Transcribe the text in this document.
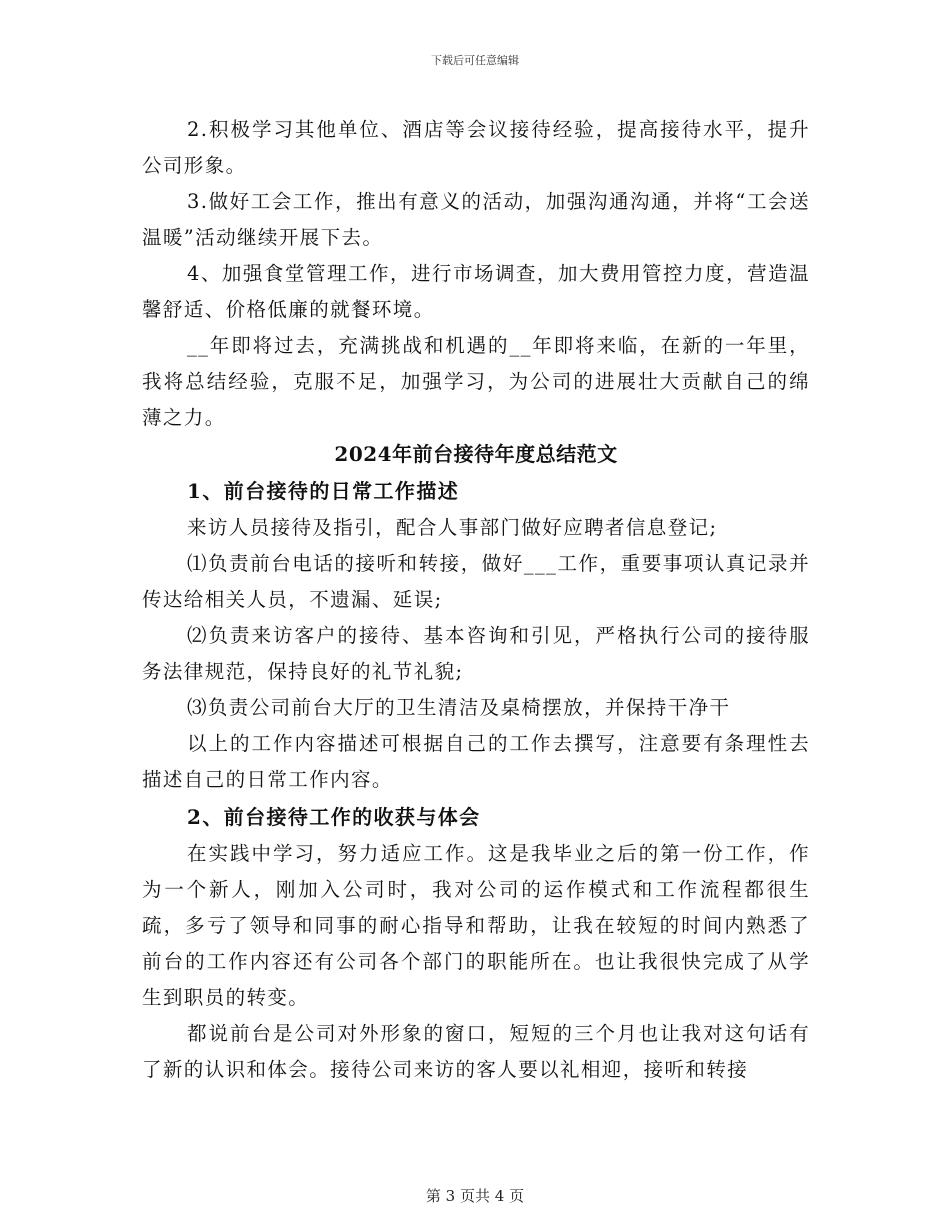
下载后可任意编辑

2.积极学习其他单位、酒店等会议接待经验，提高接待水平，提升公司形象。

3.做好工会工作，推出有意义的活动，加强沟通沟通，并将“工会送温暖”活动继续开展下去。

4、加强食堂管理工作，进行市场调查，加大费用管控力度，营造温馨舒适、价格低廉的就餐环境。

__年即将过去，充满挑战和机遇的__年即将来临，在新的一年里，我将总结经验，克服不足，加强学习，为公司的进展壮大贡献自己的绵薄之力。

2024年前台接待年度总结范文

1、前台接待的日常工作描述

来访人员接待及指引，配合人事部门做好应聘者信息登记;

⑴负责前台电话的接听和转接，做好___工作，重要事项认真记录并传达给相关人员，不遗漏、延误;

⑵负责来访客户的接待、基本咨询和引见，严格执行公司的接待服务法律规范，保持良好的礼节礼貌;

⑶负责公司前台大厅的卫生清洁及桌椅摆放，并保持干净干

以上的工作内容描述可根据自己的工作去撰写，注意要有条理性去描述自己的日常工作内容。

2、前台接待工作的收获与体会

在实践中学习，努力适应工作。这是我毕业之后的第一份工作，作为一个新人，刚加入公司时，我对公司的运作模式和工作流程都很生疏，多亏了领导和同事的耐心指导和帮助，让我在较短的时间内熟悉了前台的工作内容还有公司各个部门的职能所在。也让我很快完成了从学生到职员的转变。

都说前台是公司对外形象的窗口，短短的三个月也让我对这句话有了新的认识和体会。接待公司来访的客人要以礼相迎，接听和转接

第 3 页共 4 页
